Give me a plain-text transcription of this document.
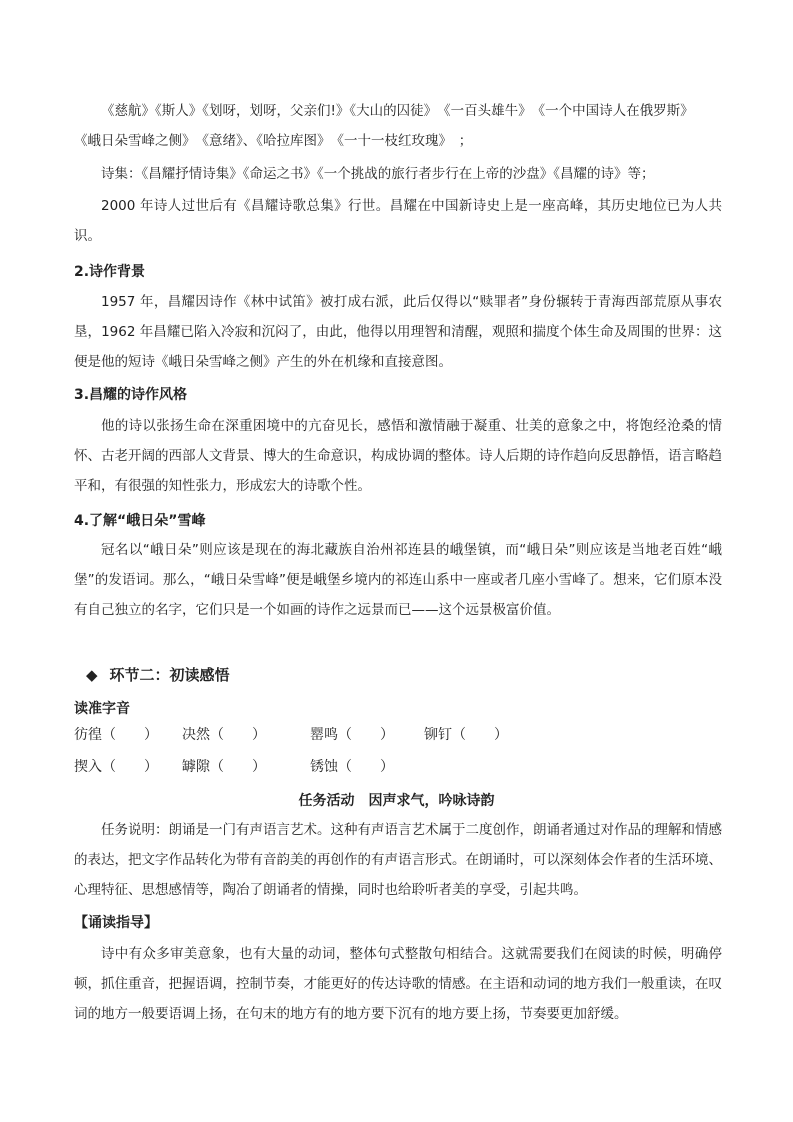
《慈航》《斯人》《划呀，划呀，父亲们!》《大山的囚徒》　《一百头雄牛》　《一个中国诗人在俄罗斯》

《峨日朵雪峰之侧》　《意绪》、《哈拉库图》　《一十一枝红玫瑰》　；

诗集：《昌耀抒情诗集》《命运之书》《一个挑战的旅行者步行在上帝的沙盘》《昌耀的诗》等；

2000 年诗人过世后有《昌耀诗歌总集》行世。昌耀在中国新诗史上是一座高峰，其历史地位已为人共识。

2.诗作背景

1957 年，昌耀因诗作《林中试笛》被打成右派，此后仅得以“赎罪者”身份辗转于青海西部荒原从事农垦，1962 年昌耀已陷入冷寂和沉闷了，由此，他得以用理智和清醒，观照和揣度个体生命及周围的世界：这便是他的短诗《峨日朵雪峰之侧》产生的外在机缘和直接意图。

3.昌耀的诗作风格

他的诗以张扬生命在深重困境中的亢奋见长，感悟和激情融于凝重、壮美的意象之中，将饱经沧桑的情怀、古老开阔的西部人文背景、博大的生命意识，构成协调的整体。诗人后期的诗作趋向反思静悟，语言略趋平和，有很强的知性张力，形成宏大的诗歌个性。

4.了解“峨日朵”雪峰

冠名以“峨日朵”则应该是现在的海北藏族自治州祁连县的峨堡镇，而“峨日朵”则应该是当地老百姓“峨堡”的发语词。那么，“峨日朵雪峰”便是峨堡乡境内的祁连山系中一座或者几座小雪峰了。想来，它们原本没有自己独立的名字，它们只是一个如画的诗作之远景而已——这个远景极富价值。

◆ 环节二：初读感悟

读准字音

彷徨（　　） 决然（　　）	罂鸣（　　） 铆钉（　　）
揳入（　　） 罅隙（　　）	锈蚀（　　）

任务活动　因声求气，吟咏诗韵

任务说明：朗诵是一门有声语言艺术。这种有声语言艺术属于二度创作，朗诵者通过对作品的理解和情感的表达，把文字作品转化为带有音韵美的再创作的有声语言形式。在朗诵时，可以深刻体会作者的生活环境、心理特征、思想感情等，陶冶了朗诵者的情操，同时也给聆听者美的享受，引起共鸣。

【诵读指导】

诗中有众多审美意象，也有大量的动词，整体句式整散句相结合。这就需要我们在阅读的时候，明确停顿，抓住重音，把握语调，控制节奏，才能更好的传达诗歌的情感。在主语和动词的地方我们一般重读，在叹词的地方一般要语调上扬，在句末的地方有的地方要下沉有的地方要上扬，节奏要更加舒缓。
